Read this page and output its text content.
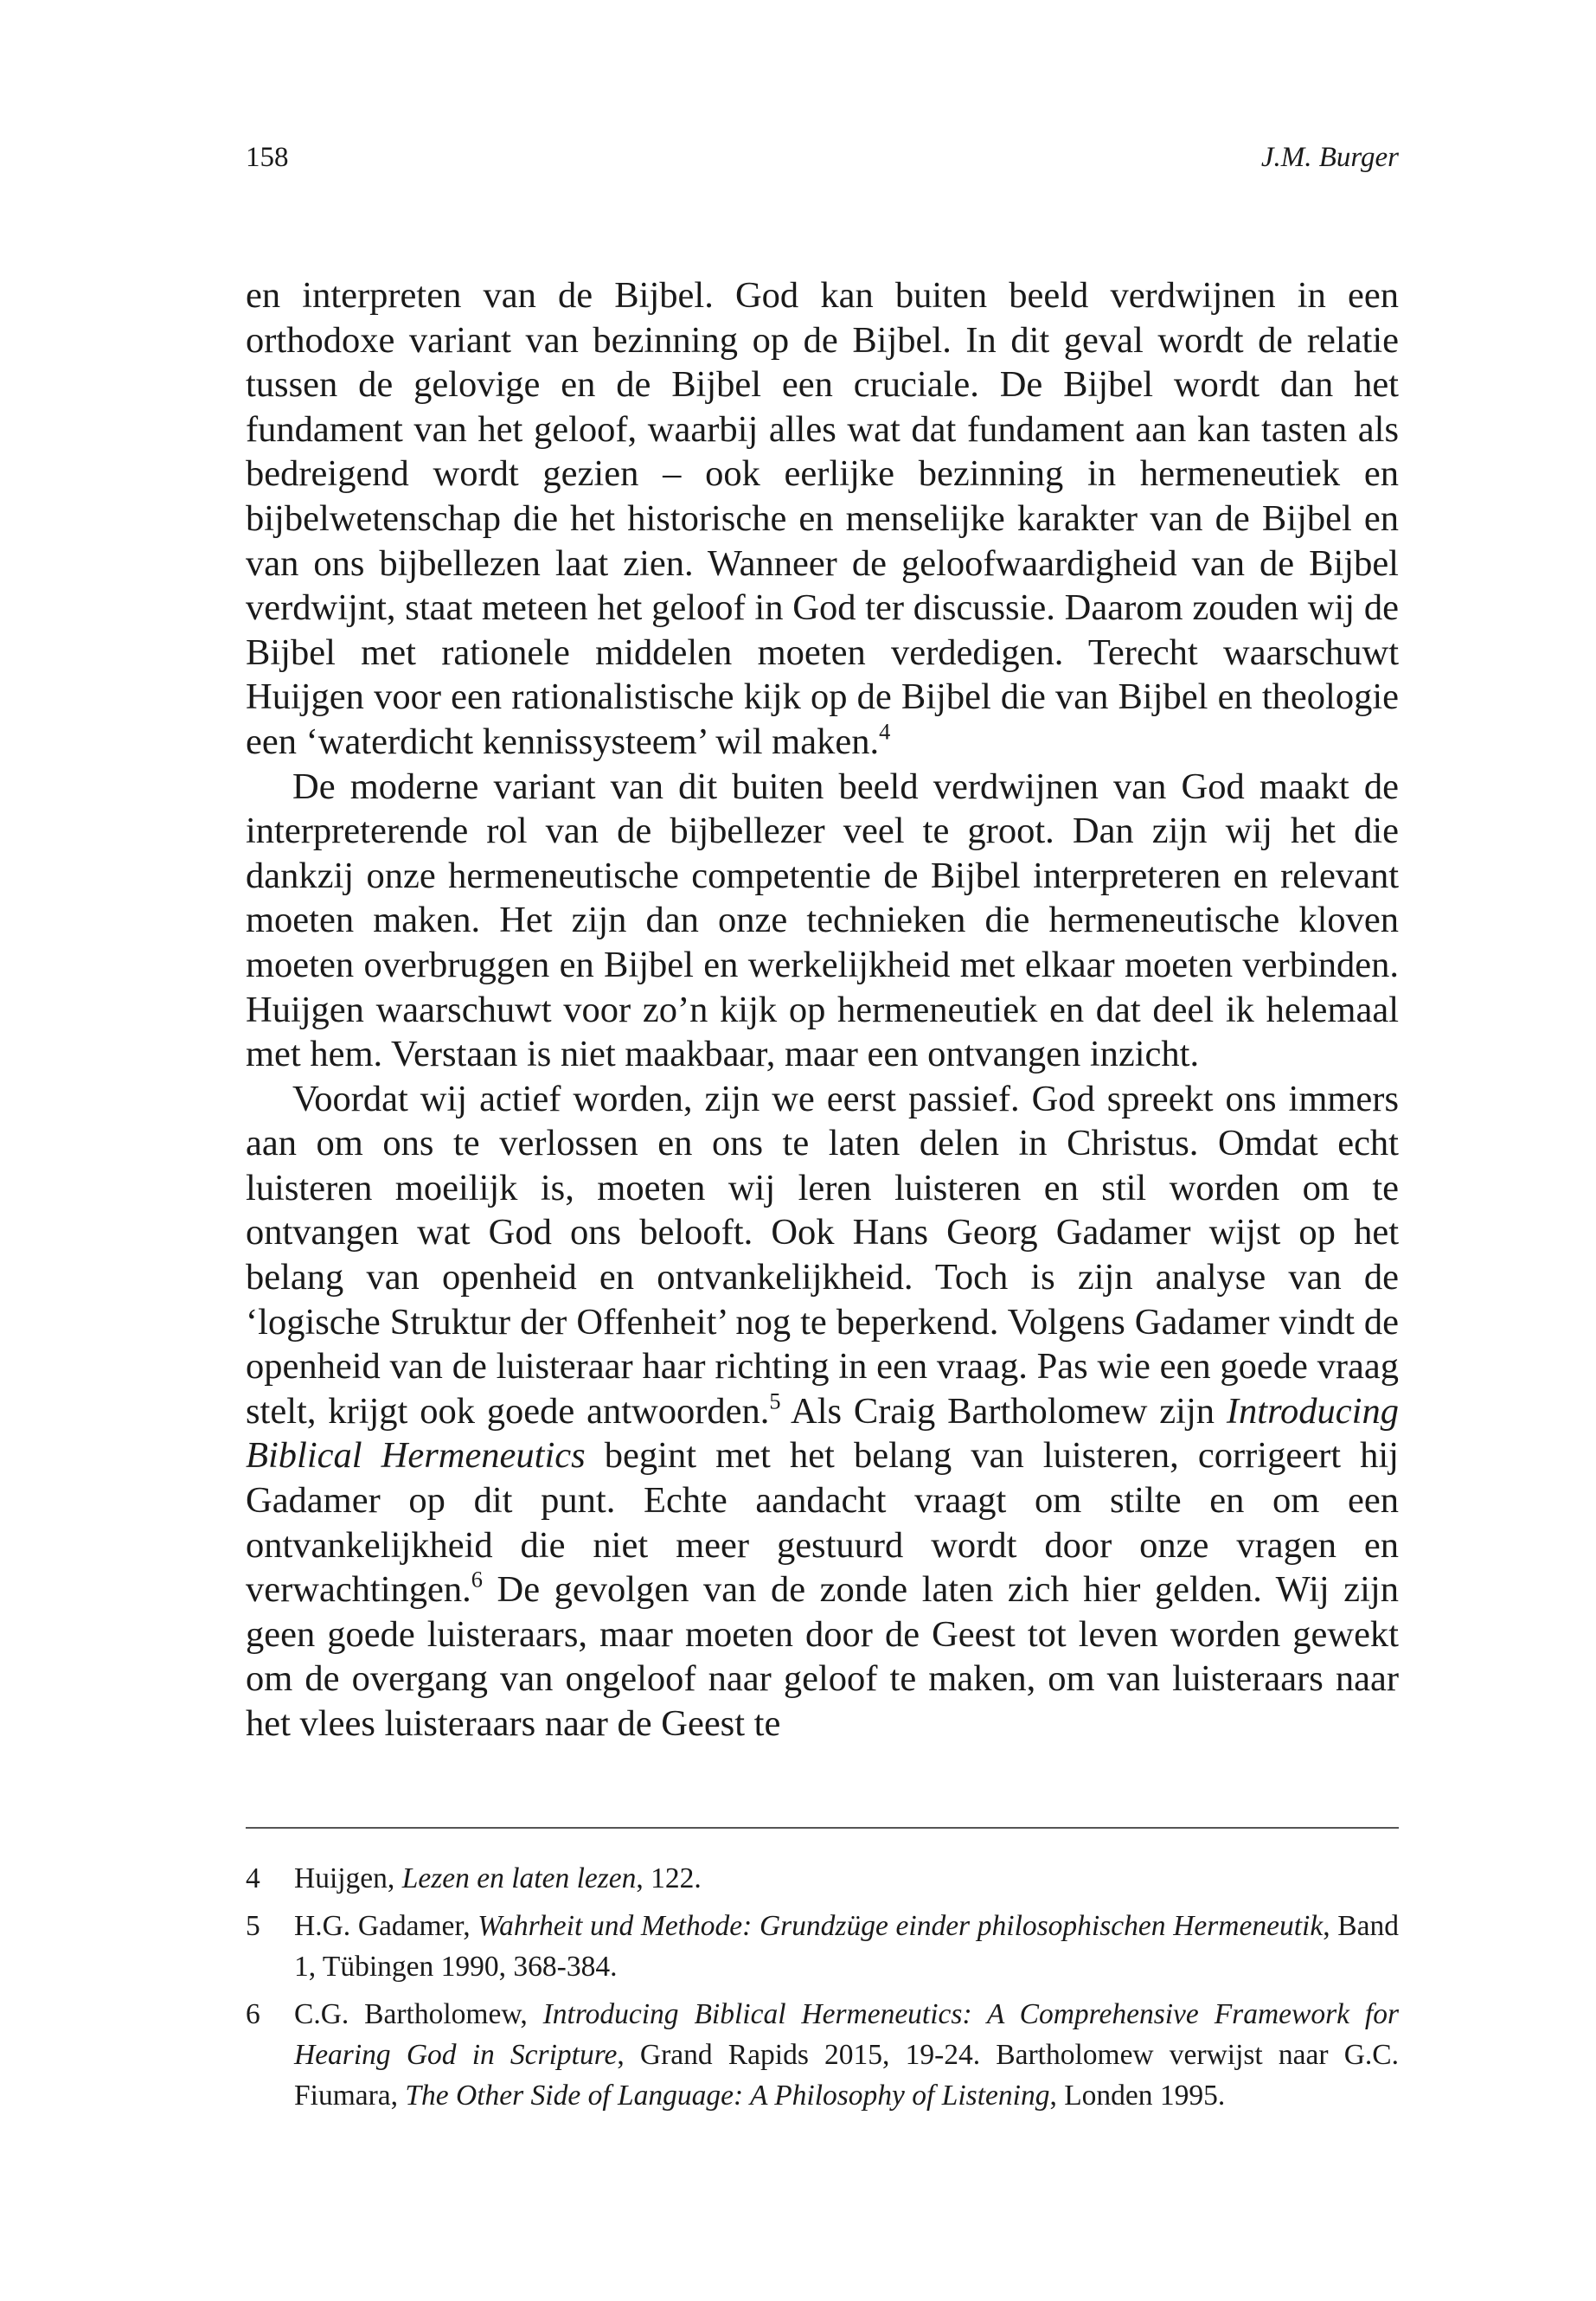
158	J.M. Burger

en interpreten van de Bijbel. God kan buiten beeld verdwijnen in een orthodoxe variant van bezinning op de Bijbel. In dit geval wordt de relatie tussen de gelovige en de Bijbel een cruciale. De Bijbel wordt dan het fundament van het geloof, waarbij alles wat dat fundament aan kan tasten als bedreigend wordt gezien – ook eerlijke bezinning in hermeneutiek en bijbelwetenschap die het historische en menselijke karakter van de Bijbel en van ons bijbellezen laat zien. Wanneer de geloofwaardigheid van de Bijbel verdwijnt, staat meteen het geloof in God ter discussie. Daarom zouden wij de Bijbel met rationele middelen moeten verdedigen. Terecht waarschuwt Huijgen voor een rationalistische kijk op de Bijbel die van Bijbel en theologie een ‘waterdicht kennissysteem’ wil maken.$^4$

De moderne variant van dit buiten beeld verdwijnen van God maakt de interpreterende rol van de bijbellezer veel te groot. Dan zijn wij het die dankzij onze hermeneutische competentie de Bijbel interpreteren en relevant moeten maken. Het zijn dan onze technieken die hermeneutische kloven moeten overbruggen en Bijbel en werkelijkheid met elkaar moeten verbinden. Huijgen waarschuwt voor zo’n kijk op hermeneutiek en dat deel ik helemaal met hem. Verstaan is niet maakbaar, maar een ontvangen inzicht.

Voordat wij actief worden, zijn we eerst passief. God spreekt ons immers aan om ons te verlossen en ons te laten delen in Christus. Omdat echt luisteren moeilijk is, moeten wij leren luisteren en stil worden om te ontvangen wat God ons belooft. Ook Hans Georg Gadamer wijst op het belang van openheid en ontvankelijkheid. Toch is zijn analyse van de ‘logische Struktur der Offenheit’ nog te beperkend. Volgens Gadamer vindt de openheid van de luisteraar haar richting in een vraag. Pas wie een goede vraag stelt, krijgt ook goede antwoorden.$^5$ Als Craig Bartholomew zijn Introducing Biblical Hermeneutics begint met het belang van luisteren, corrigeert hij Gadamer op dit punt. Echte aandacht vraagt om stilte en om een ontvankelijkheid die niet meer gestuurd wordt door onze vragen en verwachtingen.$^6$ De gevolgen van de zonde laten zich hier gelden. Wij zijn geen goede luisteraars, maar moeten door de Geest tot leven worden gewekt om de overgang van ongeloof naar geloof te maken, om van luisteraars naar het vlees luisteraars naar de Geest te

4	Huijgen, Lezen en laten lezen, 122.
5	H.G. Gadamer, Wahrheit und Methode: Grundzüge einder philosophischen Hermeneutik, Band 1, Tübingen 1990, 368-384.
6	C.G. Bartholomew, Introducing Biblical Hermeneutics: A Comprehensive Framework for Hearing God in Scripture, Grand Rapids 2015, 19-24. Bartholomew verwijst naar G.C. Fiumara, The Other Side of Language: A Philosophy of Listening, Londen 1995.
